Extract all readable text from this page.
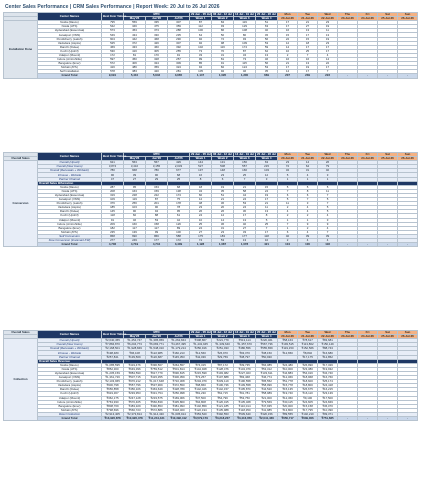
Center Sales Performance | CRM Sales Performance | Report Week: 20 Jul to 26 Jul 2026
	Center Names	Best Ever Values	MTD			29 Jun - 05 Jul	06 Jul - 12 Jul	13 Jul - 19 Jul	20 Jul - 26 Jul	Mon	Tue	Wed	Thu	Fri	Sat	Sun
			May'26	Jun'26	Jul'26	Week 1	Week 2	Week 3	Week 4	20-Jul-26	21-Jul-26	22-Jul-26	23-Jul-26	24-Jul-26	25-Jul-26	26-Jul-26
Installation Done	Noida (Rasco)	795	559	335	307	87	84	119	51	17	21	23				
	Noida (ATS)	542	346	475	359	112	93	129	63	17	27	19				
	Hyderabad (Essenzaa)	573	453	373	288	100	86	108	40	16	13	11				
	Janakpuri (VMS)	549	434	330	235	64	50	80	45	15	17	13				
	Pondicherry (Laksh)	604	442	468	290	92	72	93	56	22	15	19				
	Vadodara (Aspire)	525	372	426	307	92	98	109	53	12	18	23				
	Ranchi (Dulee)	469	433	460	392	102	116	174	59	14	17	17				
	Kochi (Upshif)	530	416	305	255	73	70	87	62	10	25	17				
	Udaipur (Mouml)	172	81	170	91	33	31	34	13	2	7	4				
	Indore (Arniruhiitle)	597	450	328	257	99	81	73	46	16	16	14				
	Bangalore (Ener)	572	406	324	309	85	91	115	56	21	13	22				
	Mohali (ATS)	416	486	359	324	94	82	124	53	17	19	17				
	Self Installation	578	383	420	281	105	92	46	35	14	17	7				
	Grand Total	9,091	5,410	5,642	3,665	1,147	1,095	1,200	669	207	239	223	-	-	-	-
	Center Names	Best Ever Values	MTD			29 Jun - 05 Jul	06 Jul - 12 Jul	13 Jul - 19 Jul	20 Jul - 26 Jul	Mon	Tue	Wed	Thu	Fri	Sat	Sun
Overall Sales			May'26	Jun'26	Jul'26	Week 1	Week 2	Week 3	Week 4	20-Jul-26	21-Jul-26	22-Jul-26	23-Jul-26	24-Jul-26	25-Jul-26	26-Jul-26
Conversion	Overall (Upsell)	621	563	567	429	144	131	156	63	23	14	26				
	Overall (New Users)	3,874	3,410	3,155	2,033	527	508	557	215	72	64	79				
	Overall (Renewals + Winback)	780	668	780	677	137	148	166	103	32	31	40				
	Inhouse - Website	90	39	90	68	16	23	25	12	5	4	3				
	Partner Channel	47	27	29	25	8	6	7	3	1	1	1				
	Overall Sales Bifurcation															
	Noida (Rasco)	287	95	153	68	18	19	21	15	5	5	5				
	Noida (ATS)	208	163	159	138	34	35	58	24	7	8	11				
	Hyderabad (Essenzaa)	319	228	222	174	60	51	44	19	6	6	7				
	Janakpuri (VMS)	109	119	87	75	12	21	24	17	5	7	5				
	Pondicherry (Laksh)	376	256	201	178	48	36	53	21	11	3	7				
	Vadodara (Aspire)	185	103	90	78	23	20	24	11	2	4	5				
	Ranchi (Dulee)	145	90	94	95	26	26	30	13	4	4	5				
	Kochi (Upshif)	118	60	88	61	24	12	17	8	2	2	4				
	Udaipur (Mouml)	91	46	53	42	10	14	13	5	1	1	3				
	Indore (Arniruhiitle)	209	160	158	126	25	36	40	25	7	9	9				
	Bangalore (Ener)	182	117	117	89	24	31	27	7	1	2	4				
	Mohali (ATS)	235	139	99	100	27	23	33	17	6	4	7				
	Self Conversion	868	690	866	588	175	183	177	118	40	39	39				
	Free Conversion (Instamart KW)	277	249	177	172	74	53	13	10	2	4	4				
	Grand Total	4,706	4,719	4,744	3,409	1,128	1,087	1,078	421	104	100	118	-	-	-	-
Overall Sales	Center Names	Best Ever Values	MTD			29 Jun - 05 Jul	06 Jul - 12 Jul	13 Jul - 19 Jul	20 Jul - 26 Jul	Mon	Tue	Wed	Thu	Fri	Sat	Sun
			May'26	Jun'26	Jul'26	Week 1	Week 2	Week 3	Week 4	20-Jul-26	21-Jul-26	22-Jul-26	23-Jul-26	24-Jul-26	25-Jul-26	26-Jul-26
Collection	Overall (Upsell)	₹2,640,455	₹1,454,747	₹1,395,959	₹1,262,844	₹308,867	₹221,779	₹513,114	₹220,461	₹58,163	₹78,617	₹83,681				
	Overall (New Users)	₹7,884,870	₹6,204,773	₹6,083,771	₹4,467,495	₹1,432,945	₹1,339,640	₹1,357,670	₹567,736	₹193,515	₹113,862	₹150,149				
	Overall (Renewals + Winback)	₹2,168,501	₹1,928,849	₹1,548,310	₹1,179,214	₹256,916	₹251,033	₹486,556	₹555,659	₹119,150	₹152,566	₹88,743				
	Inhouse - Website	₹198,480	₹96,108	₹122,985	₹160,213	₹12,560	₹26,970	₹93,370	₹38,150	₹12,650	₹8,840	₹16,680				
	Partner Channel	₹257,841	₹139,569	₹120,687	₹145,353	₹42,036	₹29,759	₹38,797	₹50,930		₹17,175	₹12,852				
	Overall Sales Revenue															
	Noida (Rasco)	₹1,085,595	₹419,476	₹396,567	₹264,557	₹74,315	₹87,172	₹39,735	₹66,085	₹24,480	₹26,990	₹17,326				
	Noida (ATS)	₹852,300	₹649,396	₹759,512	₹501,814	₹144,928	₹128,476	₹143,079	₹53,312	₹10,000	₹23,380	₹19,932				
	Hyderabad (Essenzaa)	₹1,205,159	₹884,590	₹917,779	₹696,815	₹215,599	₹193,982	₹227,403	₹133,611	₹44,883	₹54,016	₹34,740				
	Janakpuri (VMS)	₹1,361,726	₹507,715	₹415,355	₹306,059	₹73,257	₹107,888	₹83,468	₹46,774	₹12,066	₹18,968	₹16,760				
	Pondicherry (Laksh)	₹2,103,965	₹976,212	₹1,017,648	₹716,308	₹204,079	₹239,119	₹196,558	₹95,552	₹51,778	₹18,600	₹25,174				
	Vadodara (Aspire)	₹900,798	₹557,796	₹537,969	₹372,550	₹98,860	₹106,736	₹109,558	₹58,996	₹15,778	₹18,800	₹24,418				
	Ranchi (Dulee)	₹656,858	₹456,106	₹463,649	₹428,789	₹142,426	₹142,157	₹105,870	₹44,520	₹15,135	₹26,675	₹16,215				
	Kochi (Upshif)	₹919,367	₹293,953	₹331,754	₹256,998	₹81,230	₹62,715	₹91,781	₹58,989	₹19,740	₹16,110	₹23,139				
	Udaipur (Mouml)	₹362,175	₹247,128	₹233,575	₹169,066	₹37,500	₹54,796	₹53,750	₹21,000	₹12,360	₹9,100	₹17,500				
	Indore (Arniruhiitle)	₹763,930	₹570,405	₹566,839	₹435,860	₹94,808	₹126,015	₹135,468	₹79,569	₹30,115	₹24,605	₹24,849				
	Bangalore (Ener)	₹808,769	₹483,329	₹490,853	₹381,993	₹102,859	₹121,185	₹110,014	₹47,935	₹20,000	₹15,158	₹36,070				
	Mohali (ATS)	₹798,696	₹566,723	₹572,886	₹418,460	₹122,194	₹135,988	₹118,350	₹41,985	₹13,800	₹17,795	₹10,390				
	Direct Collection	₹2,913,405	₹2,373,814	₹1,914,430	₹1,605,914	₹353,520	₹392,553	₹539,640	₹320,156	₹89,555	₹102,210	₹99,371				
	Grand Total	₹13,926,878	₹10,926,478	₹11,244,431	₹10,392,412	₹3,579,179	₹3,218,227	₹3,416,050	₹2,041,466	₹650,717	₹639,006	₹751,665	-	-	-	-
